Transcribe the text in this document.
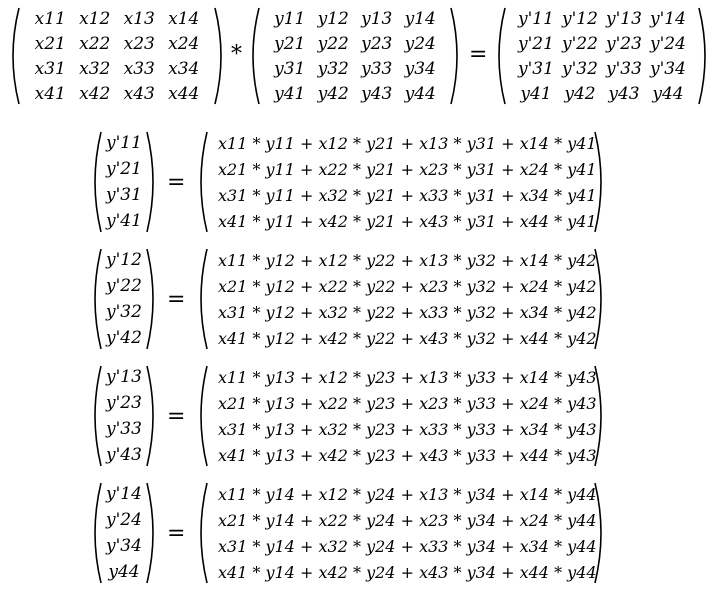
x11 x12 x13 x14
x21 x22 x23 x24
x31 x32 x33 x34
x41 x42 x43 x44
*
y11 y12 y13 y14
y21 y22 y23 y24
y31 y32 y33 y34
y41 y42 y43 y44
=
y'11 y'12 y'13 y'14
y'21 y'22 y'23 y'24
y'31 y'32 y'33 y'34
y41 y42 y43 y44
y'11
y'21
y'31
y'41
=
x11 * y11 + x12 * y21 + x13 * y31 + x14 * y41
x21 * y11 + x22 * y21 + x23 * y31 + x24 * y41
x31 * y11 + x32 * y21 + x33 * y31 + x34 * y41
x41 * y11 + x42 * y21 + x43 * y31 + x44 * y41
y'12
y'22
y'32
y'42
=
x11 * y12 + x12 * y22 + x13 * y32 + x14 * y42
x21 * y12 + x22 * y22 + x23 * y32 + x24 * y42
x31 * y12 + x32 * y22 + x33 * y32 + x34 * y42
x41 * y12 + x42 * y22 + x43 * y32 + x44 * y42
y'13
y'23
y'33
y'43
=
x11 * y13 + x12 * y23 + x13 * y33 + x14 * y43
x21 * y13 + x22 * y23 + x23 * y33 + x24 * y43
x31 * y13 + x32 * y23 + x33 * y33 + x34 * y43
x41 * y13 + x42 * y23 + x43 * y33 + x44 * y43
y'14
y'24
y'34
y44
=
x11 * y14 + x12 * y24 + x13 * y34 + x14 * y44
x21 * y14 + x22 * y24 + x23 * y34 + x24 * y44
x31 * y14 + x32 * y24 + x33 * y34 + x34 * y44
x41 * y14 + x42 * y24 + x43 * y34 + x44 * y44
